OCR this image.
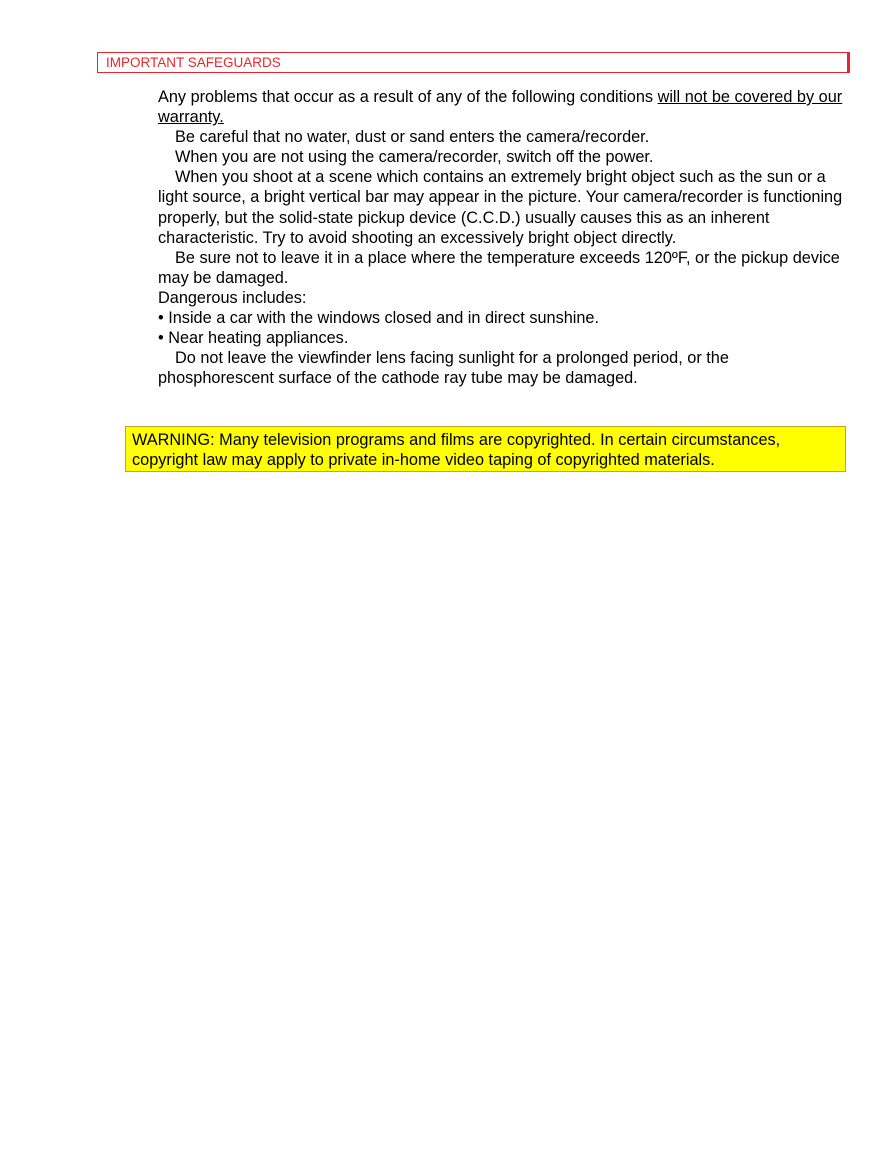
IMPORTANT SAFEGUARDS

Any problems that occur as a result of any of the following conditions will not be covered by our warranty.

Be careful that no water, dust or sand enters the camera/recorder.

When you are not using the camera/recorder, switch off the power.

When you shoot at a scene which contains an extremely bright object such as the sun or a light source, a bright vertical bar may appear in the picture. Your camera/recorder is functioning properly, but the solid-state pickup device (C.C.D.) usually causes this as an inherent characteristic. Try to avoid shooting an excessively bright object directly.

Be sure not to leave it in a place where the temperature exceeds 120ºF, or the pickup device may be damaged.

Dangerous includes:

• Inside a car with the windows closed and in direct sunshine.

• Near heating appliances.

Do not leave the viewfinder lens facing sunlight for a prolonged period, or the phosphorescent surface of the cathode ray tube may be damaged.

WARNING: Many television programs and films are copyrighted. In certain circumstances, copyright law may apply to private in-home video taping of copyrighted materials.
